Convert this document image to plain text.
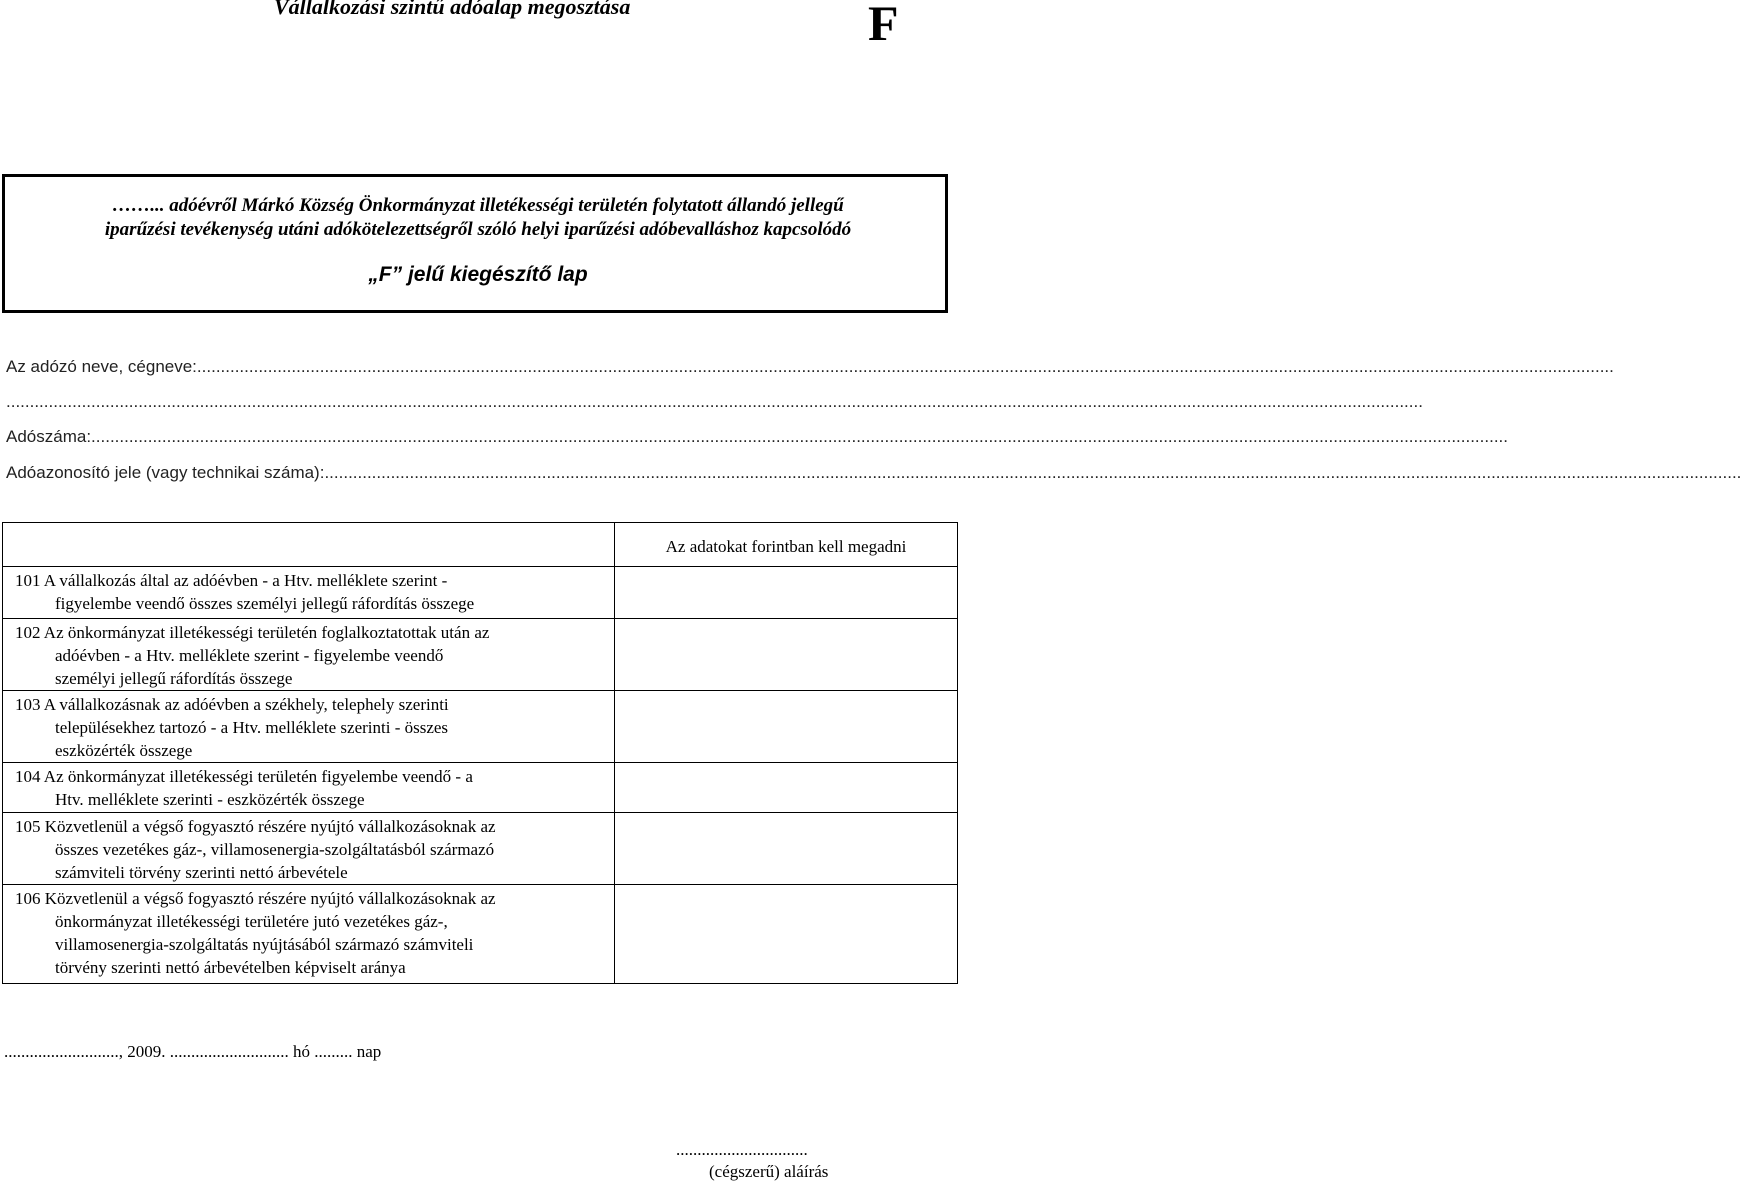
Vállalkozási szintű adóalap megosztása	F
……... adóévről Márkó Község Önkormányzat illetékességi területén folytatott állandó jellegű
iparűzési tevékenység utáni adókötelezettségről szóló helyi iparűzési adóbevalláshoz kapcsolódó
„F” jelű kiegészítő lap
Az adózó neve, cégneve:............................................................................................................................................................................................................................................................................................................
............................................................................................................................................................................................................................................................................................................
Adószáma:............................................................................................................................................................................................................................................................................................................
Adóazonosító jele (vagy technikai száma):............................................................................................................................................................................................................................................................................................................
Az adatokat forintban kell megadni
101 A vállalkozás által az adóévben - a Htv. melléklete szerint -
figyelembe veendő összes személyi jellegű ráfordítás összege
102 Az önkormányzat illetékességi területén foglalkoztatottak után az
adóévben - a Htv. melléklete szerint - figyelembe veendő
személyi jellegű ráfordítás összege
103 A vállalkozásnak az adóévben a székhely, telephely szerinti
településekhez tartozó - a Htv. melléklete szerinti - összes
eszközérték összege
104 Az önkormányzat illetékességi területén figyelembe veendő - a
Htv. melléklete szerinti - eszközérték összege
105 Közvetlenül a végső fogyasztó részére nyújtó vállalkozásoknak az
összes vezetékes gáz-, villamosenergia-szolgáltatásból származó
számviteli törvény szerinti nettó árbevétele
106 Közvetlenül a végső fogyasztó részére nyújtó vállalkozásoknak az
önkormányzat illetékességi területére jutó vezetékes gáz-,
villamosenergia-szolgáltatás nyújtásából származó számviteli
törvény szerinti nettó árbevételben képviselt aránya
..........................., 2009. ............................ hó ......... nap
...............................
(cégszerű) aláírás
